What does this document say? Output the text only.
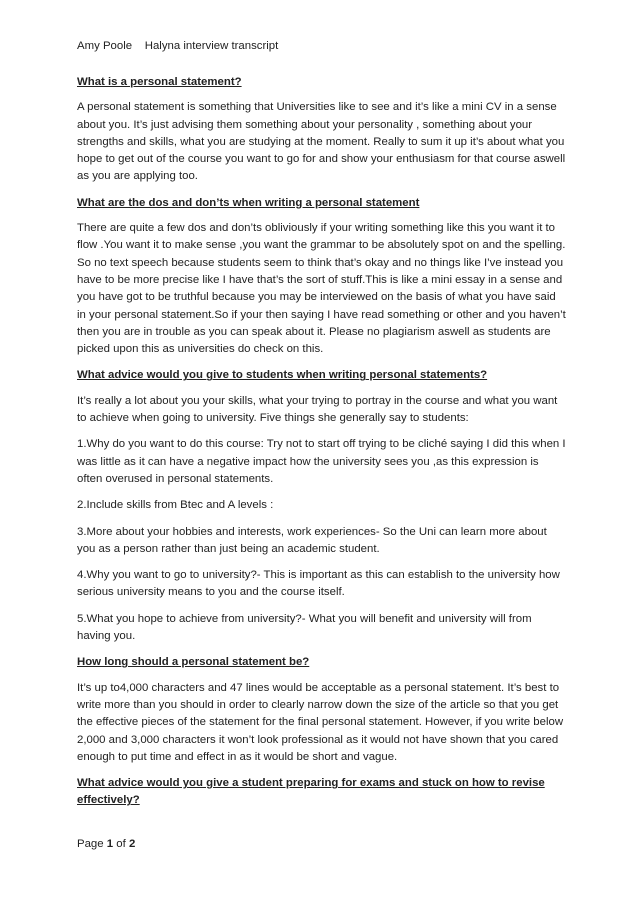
Amy Poole    Halyna interview transcript
What is a personal statement?

A personal statement is something that Universities like to see and it’s like a mini CV in a sense about you. It’s just advising them something about your personality , something about your strengths and skills, what you are studying at the moment. Really to sum it up it’s about what you hope to get out of the course you want to go for and show your enthusiasm for that course aswell as you are applying too.

What are the dos and don’ts when writing a personal statement

There are quite a few dos and don’ts obliviously if your writing something like this you want it to flow .You want it to make sense ,you want the grammar to be absolutely spot on and the spelling. So no text speech because students seem to think that’s okay and no things like I’ve instead you have to be more precise like I have that’s the sort of stuff.This is like a mini essay in a sense and you have got to be truthful because you may be interviewed on the basis of what you have said in your personal statement.So if your then saying I have read something or other and you haven’t then you are in trouble as you can speak about it. Please no plagiarism aswell as students are picked upon this as universities do check on this.

What advice would you give to students when writing personal statements?

It’s really a lot about you your skills, what your trying to portray in the course and what you want to achieve when going to university. Five things she generally say to students:

1.Why do you want to do this course: Try not to start off trying to be cliché saying I did this when I was little as it can have a negative impact how the university sees you ,as this expression is often overused in personal statements.

2.Include skills from Btec and A levels :

3.More about your hobbies and interests, work experiences- So the Uni can learn more about you as a person rather than just being an academic student.

4.Why you want to go to university?- This is important as this can establish to the university how serious university means to you and the course itself.

5.What you hope to achieve from university?- What you will benefit and university will from having you.

How long should a personal statement be?

It’s up to4,000 characters and 47 lines would be acceptable as a personal statement. It’s best to write more than you should in order to clearly narrow down the size of the article so that you get the effective pieces of the statement for the final personal statement. However, if you write below 2,000 and 3,000 characters it won’t look professional as it would not have shown that you cared enough to put time and effect in as it would be short and vague.

What advice would you give a student preparing for exams and stuck on how to revise effectively?
Page 1 of 2
